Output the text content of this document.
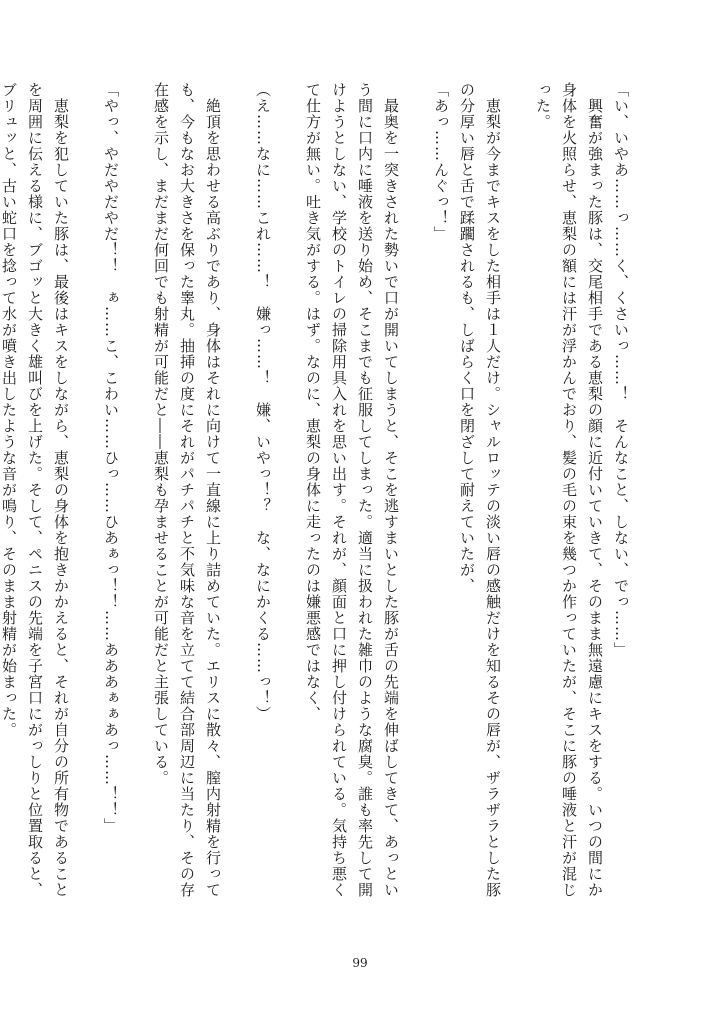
「い、いやあ……っ……く、くさいっ……！　そんなこと、しない、でっ……」

　興奮が強まった豚は、交尾相手である恵梨の顔に近付いていきて、そのまま無遠慮にキスをする。いつの間にか身体を火照らせ、恵梨の額には汗が浮かんでおり、髪の毛の束を幾つか作っていたが、そこに豚の唾液と汗が混じった。

　恵梨が今までキスをした相手は１人だけ。シャルロッテの淡い唇の感触だけを知るその唇が、ザラザラとした豚の分厚い唇と舌で蹂躙されるも、しばらく口を閉ざして耐えていたが、

「あっ……んぐっ！」

　最奥を一突きされた勢いで口が開いてしまうと、そこを逃すまいとした豚が舌の先端を伸ばしてきて、あっという間に口内に唾液を送り始め、そこまでも征服してしまった。適当に扱われた雑巾のような腐臭。誰も率先して開けようとしない、学校のトイレの掃除用具入れを思い出す。それが、顔面と口に押し付けられている。気持ち悪くて仕方が無い。吐き気がする。はず。なのに、恵梨の身体に走ったのは嫌悪感ではなく、

（え……なに……これ……！　嫌っ……！　嫌、いやっ！？　な、なにかくる……っ！）

　絶頂を思わせる高ぶりであり、身体はそれに向けて一直線に上り詰めていた。エリスに散々、膣内射精を行っても、今もなお大きさを保った睾丸。抽挿の度にそれがパチパチと不気味な音を立てて結合部周辺に当たり、その存在感を示し、まだまだ何回でも射精が可能だと――恵梨も孕ませることが可能だと主張している。

「やっ、やだやだやだ！！　ぁ……こ、こわい……ひっ……ひあぁっ！！……あああぁぁあっ……！！」

　恵梨を犯していた豚は、最後はキスをしながら、恵梨の身体を抱きかかえると、それが自分の所有物であることを周囲に伝える様に、ブゴッと大きく雄叫びを上げた。そして、ペニスの先端を子宮口にがっしりと位置取ると、ブリュッと、古い蛇口を捻って水が噴き出したような音が鳴り、そのまま射精が始まった。

99
